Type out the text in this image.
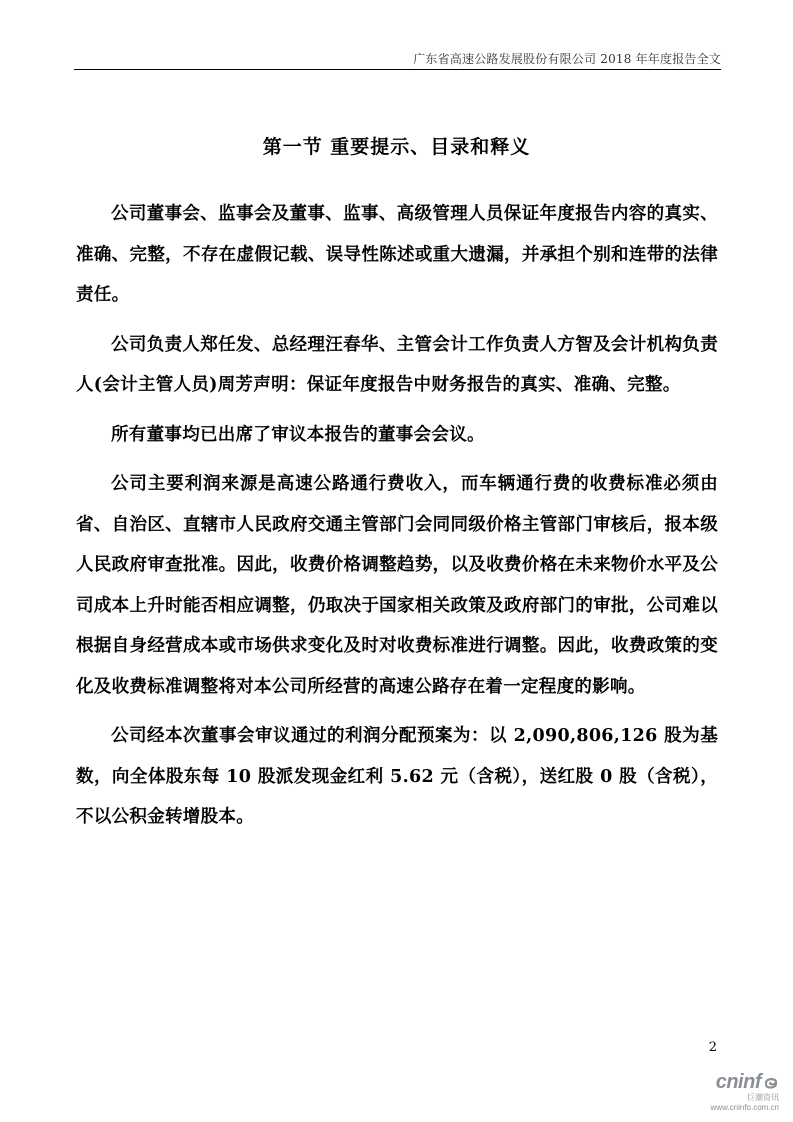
广东省高速公路发展股份有限公司 2018 年年度报告全文
第一节 重要提示、目录和释义

公司董事会、监事会及董事、监事、高级管理人员保证年度报告内容的真实、准确、完整，不存在虚假记载、误导性陈述或重大遗漏，并承担个别和连带的法律责任。

公司负责人郑任发、总经理汪春华、主管会计工作负责人方智及会计机构负责人(会计主管人员)周芳声明：保证年度报告中财务报告的真实、准确、完整。

所有董事均已出席了审议本报告的董事会会议。

公司主要利润来源是高速公路通行费收入，而车辆通行费的收费标准必须由省、自治区、直辖市人民政府交通主管部门会同同级价格主管部门审核后，报本级人民政府审查批准。因此，收费价格调整趋势，以及收费价格在未来物价水平及公司成本上升时能否相应调整，仍取决于国家相关政策及政府部门的审批，公司难以根据自身经营成本或市场供求变化及时对收费标准进行调整。因此，收费政策的变化及收费标准调整将对本公司所经营的高速公路存在着一定程度的影响。

公司经本次董事会审议通过的利润分配预案为：以 2,090,806,126 股为基数，向全体股东每 10 股派发现金红利 5.62 元（含税），送红股 0 股（含税），不以公积金转增股本。

2
cninf
巨潮资讯
www.cninfo.com.cn
